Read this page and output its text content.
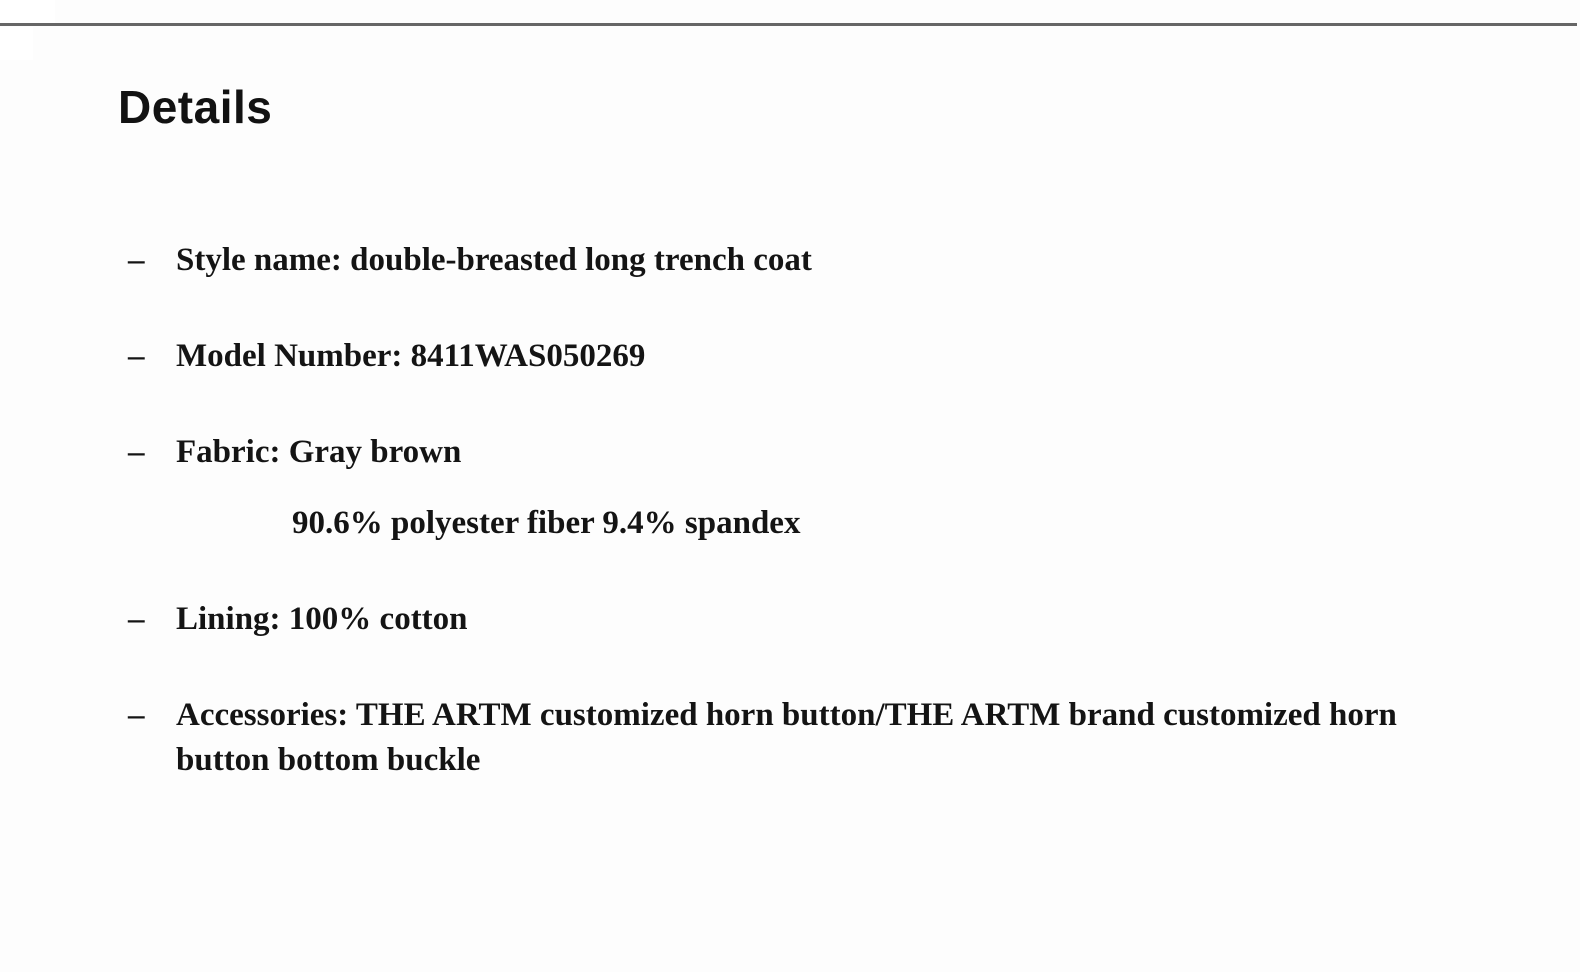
Details
– Style name: double-breasted long trench coat
– Model Number: 8411WAS050269
– Fabric: Gray brown
90.6% polyester fiber 9.4% spandex
– Lining: 100% cotton
– Accessories: THE ARTM customized horn button/THE ARTM brand customized horn button bottom buckle
